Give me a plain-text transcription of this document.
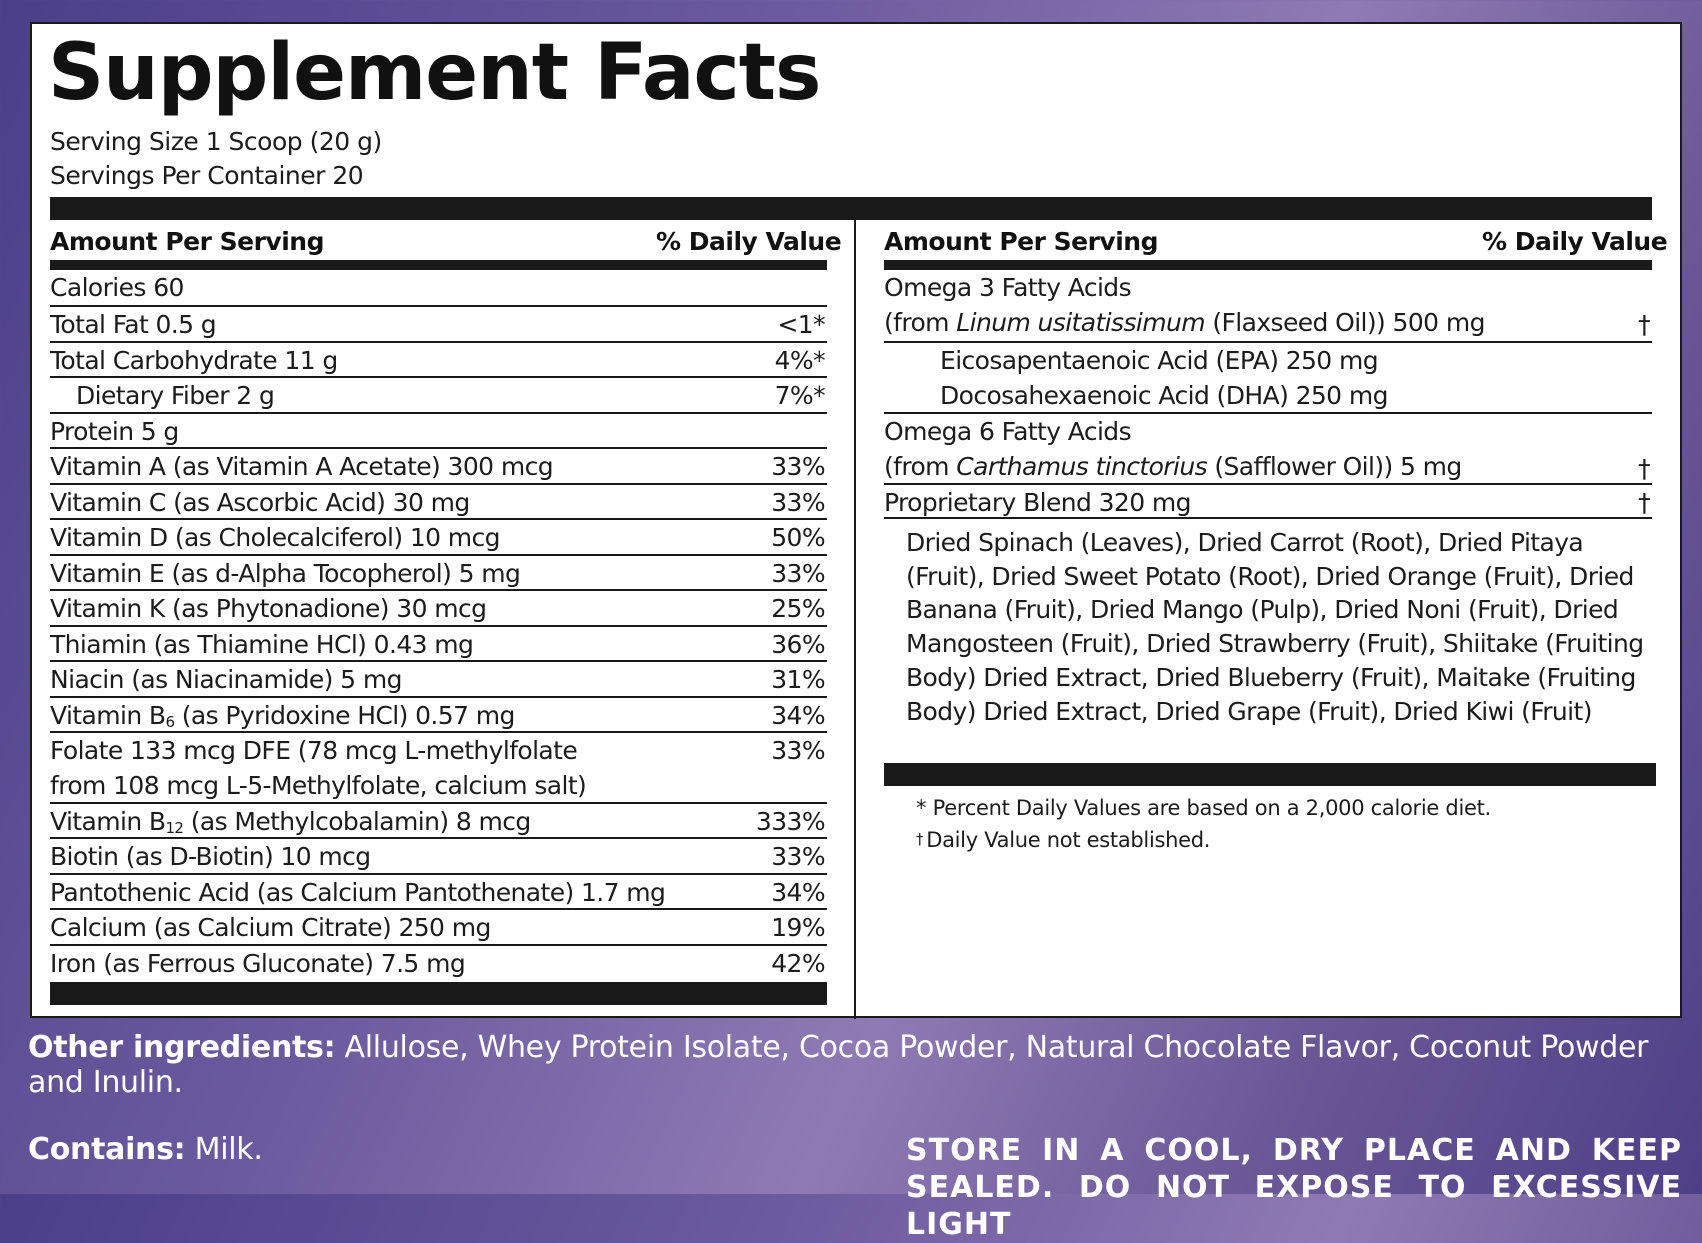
Supplement Facts
Serving Size 1 Scoop (20 g)
Servings Per Container 20
Amount Per Serving	% Daily Value Amount Per Serving	% Daily Value
Calories 60
Total Fat 0.5 g	<1*
Total Carbohydrate 11 g	4%*
Dietary Fiber 2 g	7%*
Protein 5 g
Vitamin A (as Vitamin A Acetate) 300 mcg	33%
Vitamin C (as Ascorbic Acid) 30 mg	33%
Vitamin D (as Cholecalciferol) 10 mcg	50%
Vitamin E (as d-Alpha Tocopherol) 5 mg	33%
Vitamin K (as Phytonadione) 30 mcg	25%
Thiamin (as Thiamine HCl) 0.43 mg	36%
Niacin (as Niacinamide) 5 mg	31%
Vitamin $B_6$ (as Pyridoxine HCl) 0.57 mg	34%
Folate 133 mcg DFE (78 mcg L-methylfolate
from 108 mcg L-5-Methylfolate, calcium salt)
33%
Vitamin $B_{12}$ (as Methylcobalamin) 8 mcg	333%
Biotin (as D-Biotin) 10 mcg	33%
Pantothenic Acid (as Calcium Pantothenate) 1.7 mg	34%
Calcium (as Calcium Citrate) 250 mg	19%
Iron (as Ferrous Gluconate) 7.5 mg	42%
Omega 3 Fatty Acids
(from Linum usitatissimum (Flaxseed Oil)) 500 mg	†
Eicosapentaenoic Acid (EPA) 250 mg
Docosahexaenoic Acid (DHA) 250 mg
Omega 6 Fatty Acids
(from Carthamus tinctorius (Safflower Oil)) 5 mg	†
Proprietary Blend 320 mg	†
Dried Spinach (Leaves), Dried Carrot (Root), Dried Pitaya (Fruit), Dried Sweet Potato (Root), Dried Orange (Fruit), Dried Banana (Fruit), Dried Mango (Pulp), Dried Noni (Fruit), Dried Mangosteen (Fruit), Dried Strawberry (Fruit), Shiitake (Fruiting Body) Dried Extract, Dried Blueberry (Fruit), Maitake (Fruiting Body) Dried Extract, Dried Grape (Fruit), Dried Kiwi (Fruit)
* Percent Daily Values are based on a 2,000 calorie diet.
† Daily Value not established.
Other ingredients: Allulose, Whey Protein Isolate, Cocoa Powder, Natural Chocolate Flavor, Coconut Powder and Inulin.
Contains: Milk.	STORE IN A COOL, DRY PLACE AND KEEP SEALED. DO NOT EXPOSE TO EXCESSIVE LIGHT
